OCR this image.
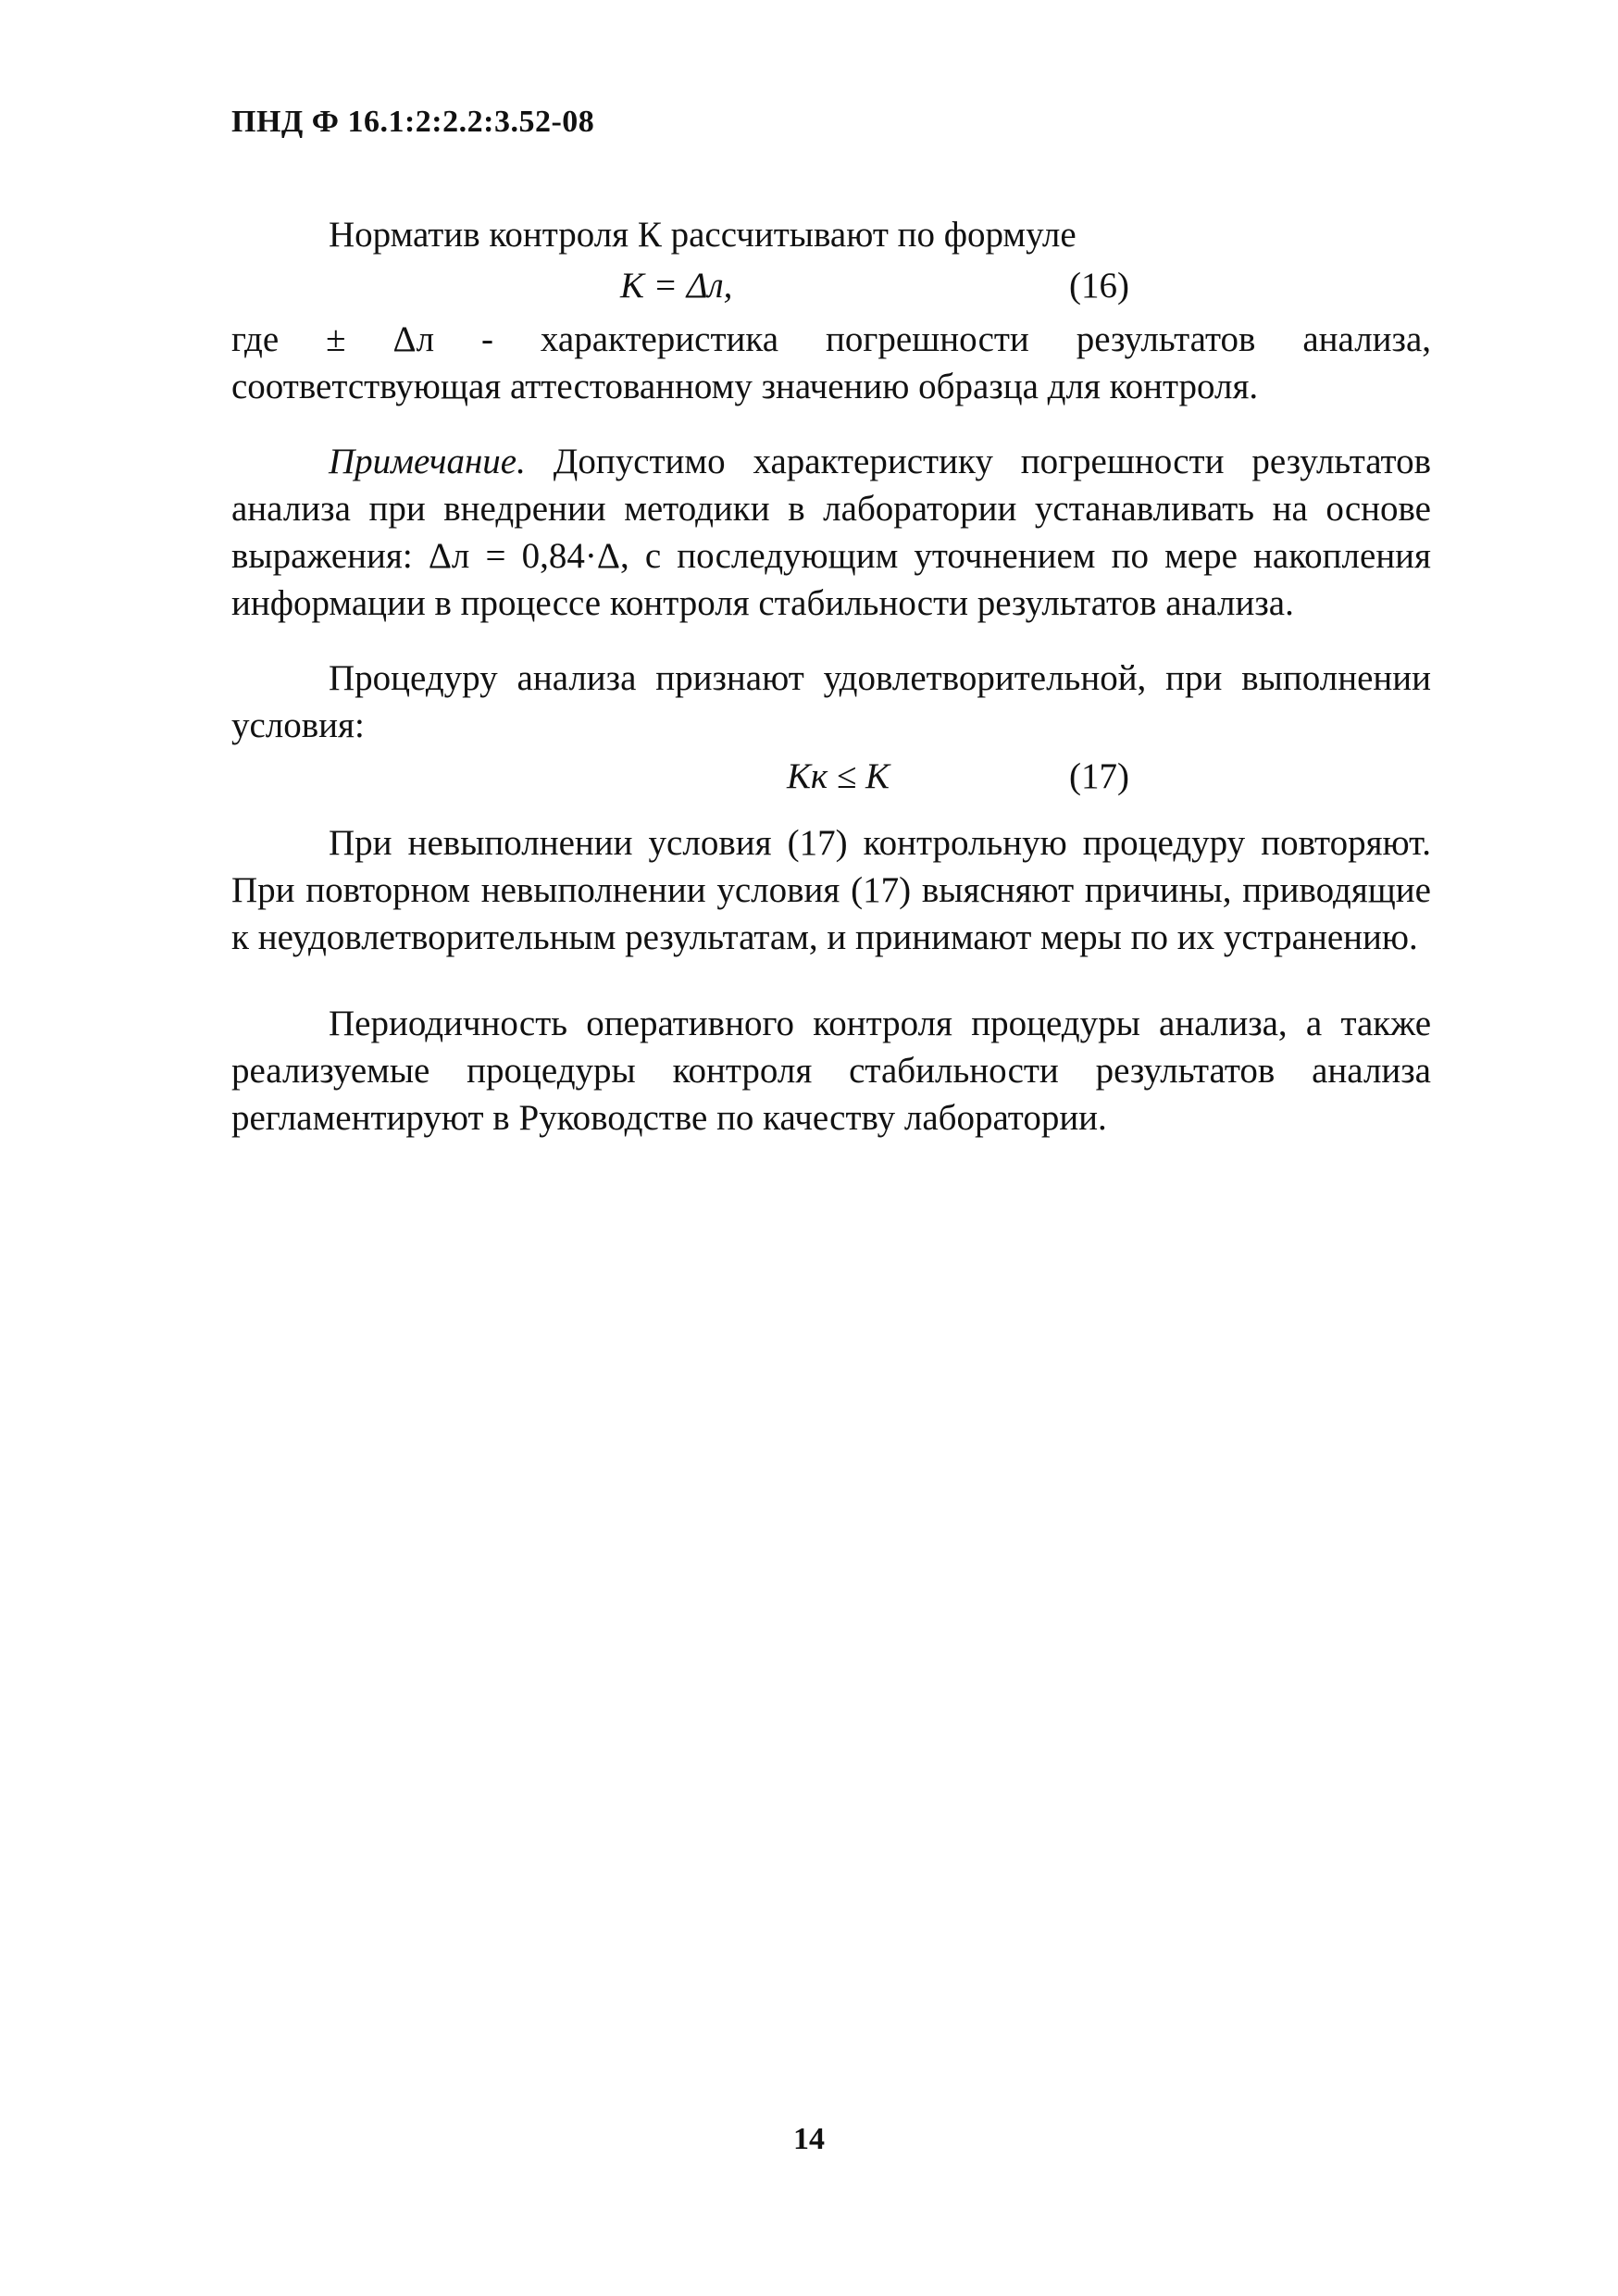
ПНД Ф 16.1:2:2.2:3.52-08

Норматив контроля К рассчитывают по формуле

К = Δл,	(16)

где ± Δл - характеристика погрешности результатов анализа, соответствующая аттестованному значению образца для контроля.

Примечание. Допустимо характеристику погрешности результатов анализа при внедрении методики в лаборатории устанавливать на основе выражения: Δл = 0,84·Δ, с последующим уточнением по мере накопления информации в процессе контроля стабильности результатов анализа.

Процедуру анализа признают удовлетворительной, при выполнении условия:

Кк ≤ К	(17)

При невыполнении условия (17) контрольную процедуру повторяют. При повторном невыполнении условия (17) выясняют причины, приводящие к неудовлетворительным результатам, и принимают меры по их устранению.

Периодичность оперативного контроля процедуры анализа, а также реализуемые процедуры контроля стабильности результатов анализа регламентируют в Руководстве по качеству лаборатории.

14
